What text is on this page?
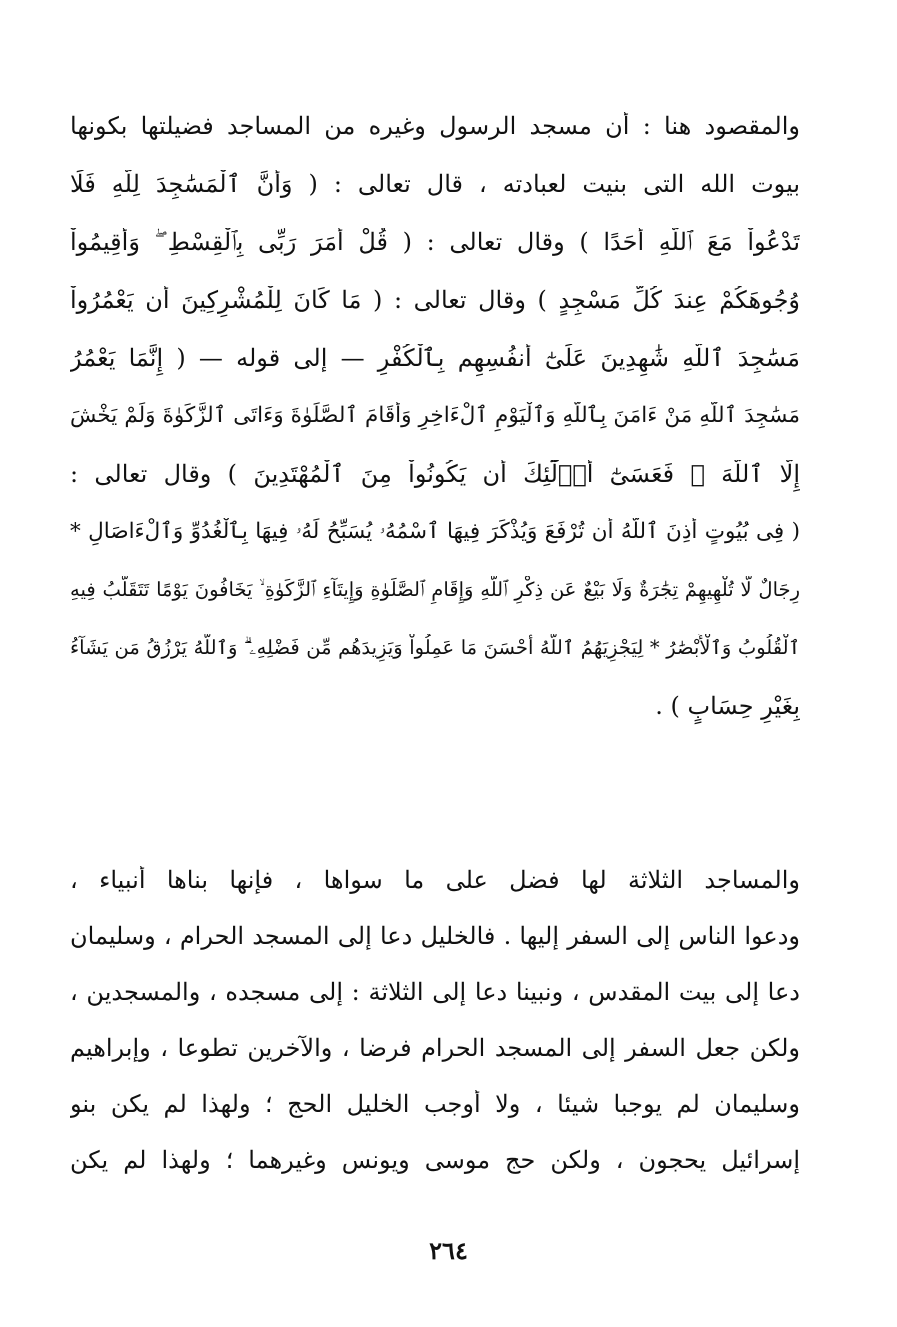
والمقصود هنا : أن مسجد الرسول وغيره من المساجد فضيلتها بكونها
بيوت الله التى بنيت لعبادته ، قال تعالى : ( وَأَنَّ ٱلْمَسَٰجِدَ لِلَّهِ فَلَا
تَدْعُواْ مَعَ ٱللَّهِ أَحَدًا ) وقال تعالى : ( قُلْ أَمَرَ رَبِّى بِٱلْقِسْطِ ۖ وَأَقِيمُواْ
وُجُوهَكُمْ عِندَ كُلِّ مَسْجِدٍ ) وقال تعالى : ( مَا كَانَ لِلْمُشْرِكِينَ أَن يَعْمُرُواْ
مَسَٰجِدَ ٱللَّهِ شَٰهِدِينَ عَلَىٰٓ أَنفُسِهِم بِٱلْكُفْرِ — إلى قوله — ( إِنَّمَا يَعْمُرُ
مَسَٰجِدَ ٱللَّهِ مَنْ ءَامَنَ بِٱللَّهِ وَٱلْيَوْمِ ٱلْءَاخِرِ وَأَقَامَ ٱلصَّلَوٰةَ وَءَاتَى ٱلزَّكَوٰةَ وَلَمْ يَخْشَ
إِلَّا ٱللَّهَ ۖ فَعَسَىٰٓ أُو۟لَٰٓئِكَ أَن يَكُونُواْ مِنَ ٱلْمُهْتَدِينَ ) وقال تعالى :
( فِى بُيُوتٍ أَذِنَ ٱللَّهُ أَن تُرْفَعَ وَيُذْكَرَ فِيهَا ٱسْمُهُۥ يُسَبِّحُ لَهُۥ فِيهَا بِٱلْغُدُوِّ وَٱلْءَاصَالِ *
رِجَالٌ لَّا تُلْهِيهِمْ تِجَٰرَةٌ وَلَا بَيْعٌ عَن ذِكْرِ ٱللَّهِ وَإِقَامِ ٱلصَّلَوٰةِ وَإِيتَآءِ ٱلزَّكَوٰةِ ۙ يَخَافُونَ يَوْمًا تَتَقَلَّبُ فِيهِ
ٱلْقُلُوبُ وَٱلْأَبْصَٰرُ * لِيَجْزِيَهُمُ ٱللَّهُ أَحْسَنَ مَا عَمِلُواْ وَيَزِيدَهُم مِّن فَضْلِهِۦ ۗ وَٱللَّهُ يَرْزُقُ مَن يَشَآءُ
بِغَيْرِ حِسَابٍ ) .
والمساجد الثلاثة لها فضل على ما سواها ، فإنها بناها أنبياء ،
ودعوا الناس إلى السفر إليها . فالخليل دعا إلى المسجد الحرام ، وسليمان
دعا إلى بيت المقدس ، ونبينا دعا إلى الثلاثة : إلى مسجده ، والمسجدين ،
ولكن جعل السفر إلى المسجد الحرام فرضا ، والآخرين تطوعا ، وإبراهيم
وسليمان لم يوجبا شيئا ، ولا أوجب الخليل الحج ؛ ولهذا لم يكن بنو
إسرائيل يحجون ، ولكن حج موسى ويونس وغيرهما ؛ ولهذا لم يكن
٢٦٤
